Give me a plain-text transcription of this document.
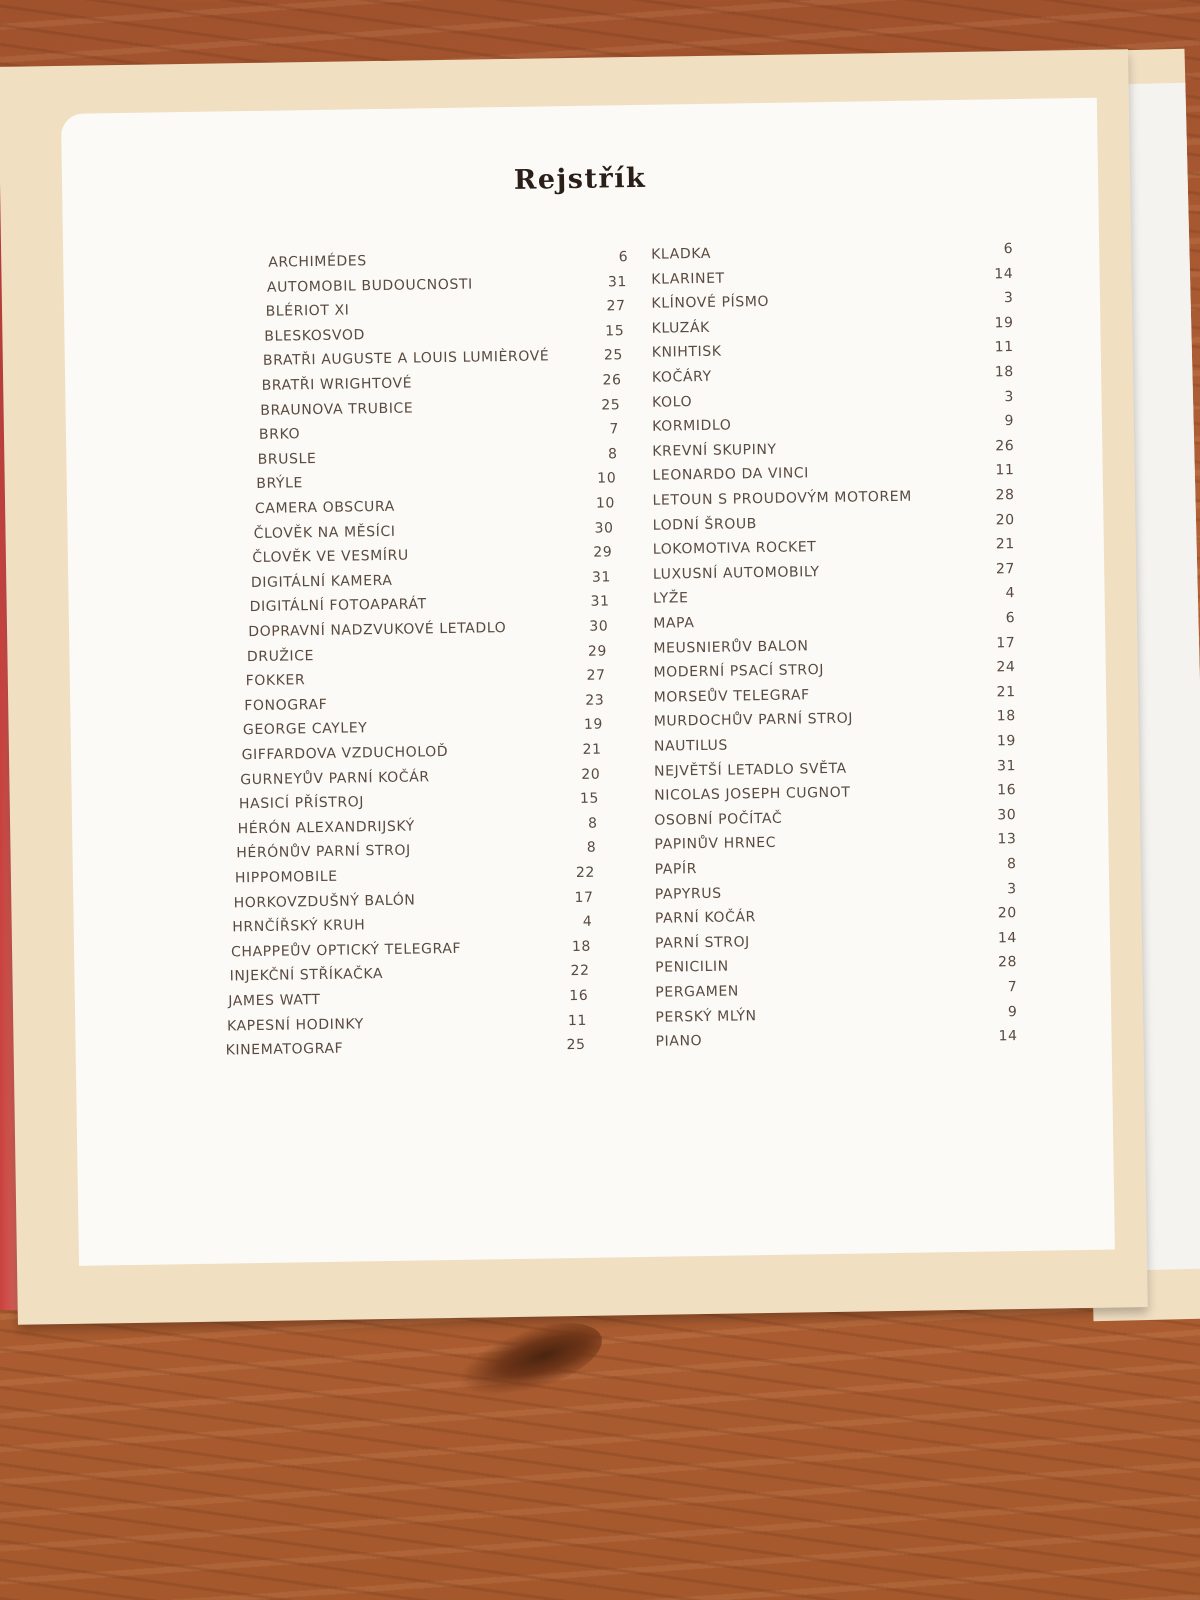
Rejstřík
ARCHIMÉDES	6
AUTOMOBIL BUDOUCNOSTI	31
BLÉRIOT XI	27
BLESKOSVOD	15
BRATŘI AUGUSTE A LOUIS LUMIÈROVÉ	25
BRATŘI WRIGHTOVÉ	26
BRAUNOVA TRUBICE	25
BRKO	7
BRUSLE	8
BRÝLE	10
CAMERA OBSCURA	10
ČLOVĚK NA MĚSÍCI	30
ČLOVĚK VE VESMÍRU	29
DIGITÁLNÍ KAMERA	31
DIGITÁLNÍ FOTOAPARÁT	31
DOPRAVNÍ NADZVUKOVÉ LETADLO	30
DRUŽICE	29
FOKKER	27
FONOGRAF	23
GEORGE CAYLEY	19
GIFFARDOVA VZDUCHOLOĎ	21
GURNEYŮV PARNÍ KOČÁR	20
HASICÍ PŘÍSTROJ	15
HÉRÓN ALEXANDRIJSKÝ	8
HÉRÓNŮV PARNÍ STROJ	8
HIPPOMOBILE	22
HORKOVZDUŠNÝ BALÓN	17
HRNČÍŘSKÝ KRUH	4
CHAPPEŮV OPTICKÝ TELEGRAF	18
INJEKČNÍ STŘÍKAČKA	22
JAMES WATT	16
KAPESNÍ HODINKY	11
KINEMATOGRAF	25
KLADKA	6
KLARINET	14
KLÍNOVÉ PÍSMO	3
KLUZÁK	19
KNIHTISK	11
KOČÁRY	18
KOLO	3
KORMIDLO	9
KREVNÍ SKUPINY	26
LEONARDO DA VINCI	11
LETOUN S PROUDOVÝM MOTOREM	28
LODNÍ ŠROUB	20
LOKOMOTIVA ROCKET	21
LUXUSNÍ AUTOMOBILY	27
LYŽE	4
MAPA	6
MEUSNIERŮV BALON	17
MODERNÍ PSACÍ STROJ	24
MORSEŮV TELEGRAF	21
MURDOCHŮV PARNÍ STROJ	18
NAUTILUS	19
NEJVĚTŠÍ LETADLO SVĚTA	31
NICOLAS JOSEPH CUGNOT	16
OSOBNÍ POČÍTAČ	30
PAPINŮV HRNEC	13
PAPÍR	8
PAPYRUS	3
PARNÍ KOČÁR	20
PARNÍ STROJ	14
PENICILIN	28
PERGAMEN	7
PERSKÝ MLÝN	9
PIANO	14
